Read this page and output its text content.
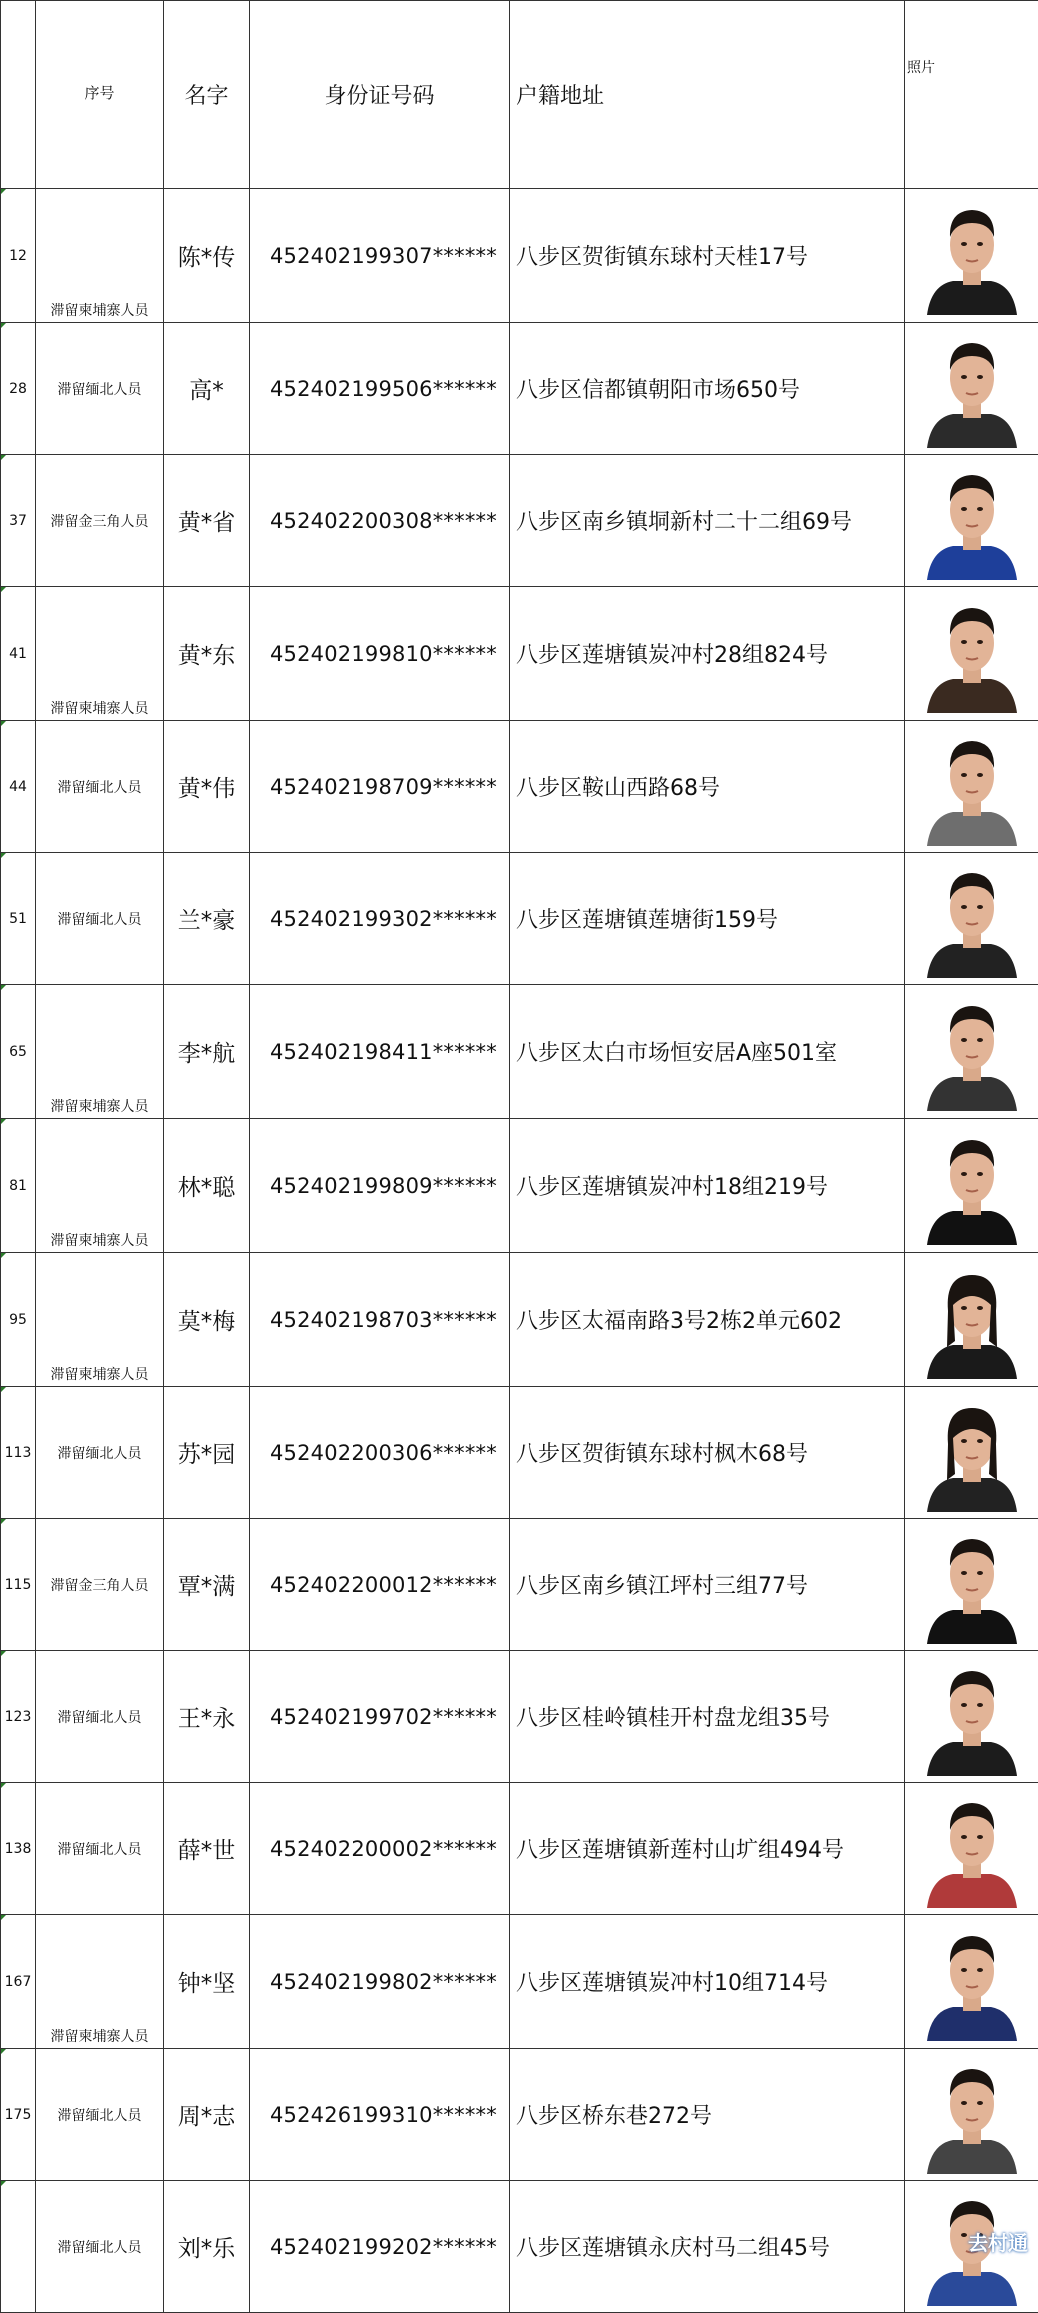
	序号	名字	身份证号码	户籍地址	照片

12	滞留柬埔寨人员	陈*传	452402199307******	八步区贺街镇东球村天桂17号	

28	滞留缅北人员	高*	452402199506******	八步区信都镇朝阳市场650号	

37	滞留金三角人员	黄*省	452402200308******	八步区南乡镇垌新村二十二组69号	

41	滞留柬埔寨人员	黄*东	452402199810******	八步区莲塘镇炭冲村28组824号	

44	滞留缅北人员	黄*伟	452402198709******	八步区鞍山西路68号	

51	滞留缅北人员	兰*豪	452402199302******	八步区莲塘镇莲塘街159号	

65	滞留柬埔寨人员	李*航	452402198411******	八步区太白市场恒安居A座501室	

81	滞留柬埔寨人员	林*聪	452402199809******	八步区莲塘镇炭冲村18组219号	

95	滞留柬埔寨人员	莫*梅	452402198703******	八步区太福南路3号2栋2单元602	

113	滞留缅北人员	苏*园	452402200306******	八步区贺街镇东球村枫木68号	

115	滞留金三角人员	覃*满	452402200012******	八步区南乡镇江坪村三组77号	

123	滞留缅北人员	王*永	452402199702******	八步区桂岭镇桂开村盘龙组35号	

138	滞留缅北人员	薛*世	452402200002******	八步区莲塘镇新莲村山圹组494号	

167	滞留柬埔寨人员	钟*坚	452402199802******	八步区莲塘镇炭冲村10组714号	

175	滞留缅北人员	周*志	452426199310******	八步区桥东巷272号	

	滞留缅北人员	刘*乐	452402199202******	八步区莲塘镇永庆村马二组45号		去村通
